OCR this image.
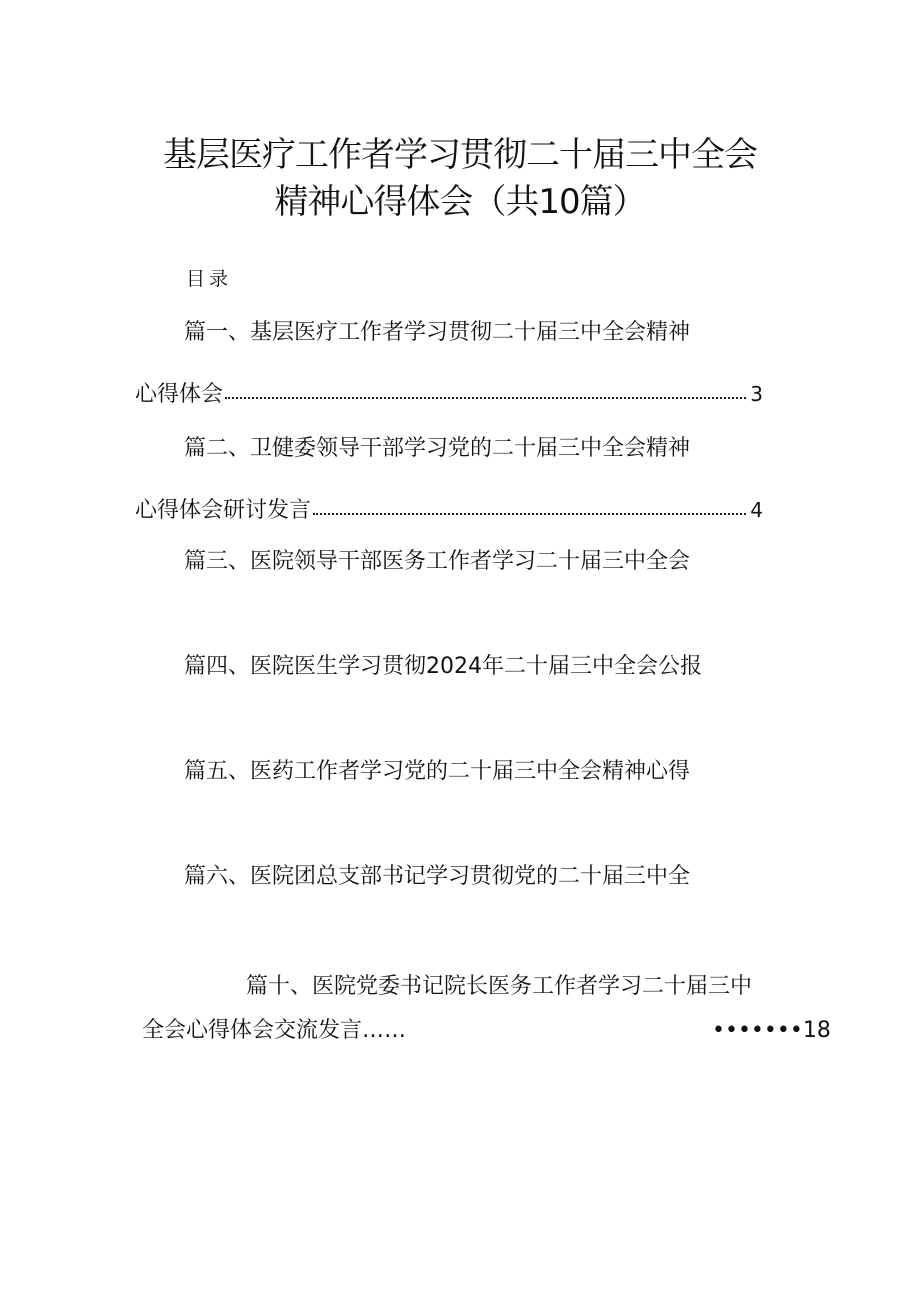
基层医疗工作者学习贯彻二十届三中全会
精神心得体会（共10篇）
目录
篇一、基层医疗工作者学习贯彻二十届三中全会精神
心得体会	3
篇二、卫健委领导干部学习党的二十届三中全会精神
心得体会研讨发言	4
篇三、医院领导干部医务工作者学习二十届三中全会
篇四、医院医生学习贯彻2024年二十届三中全会公报
篇五、医药工作者学习党的二十届三中全会精神心得
篇六、医院团总支部书记学习贯彻党的二十届三中全
篇十、医院党委书记院长医务工作者学习二十届三中
全会心得体会交流发言……	•••••••18
